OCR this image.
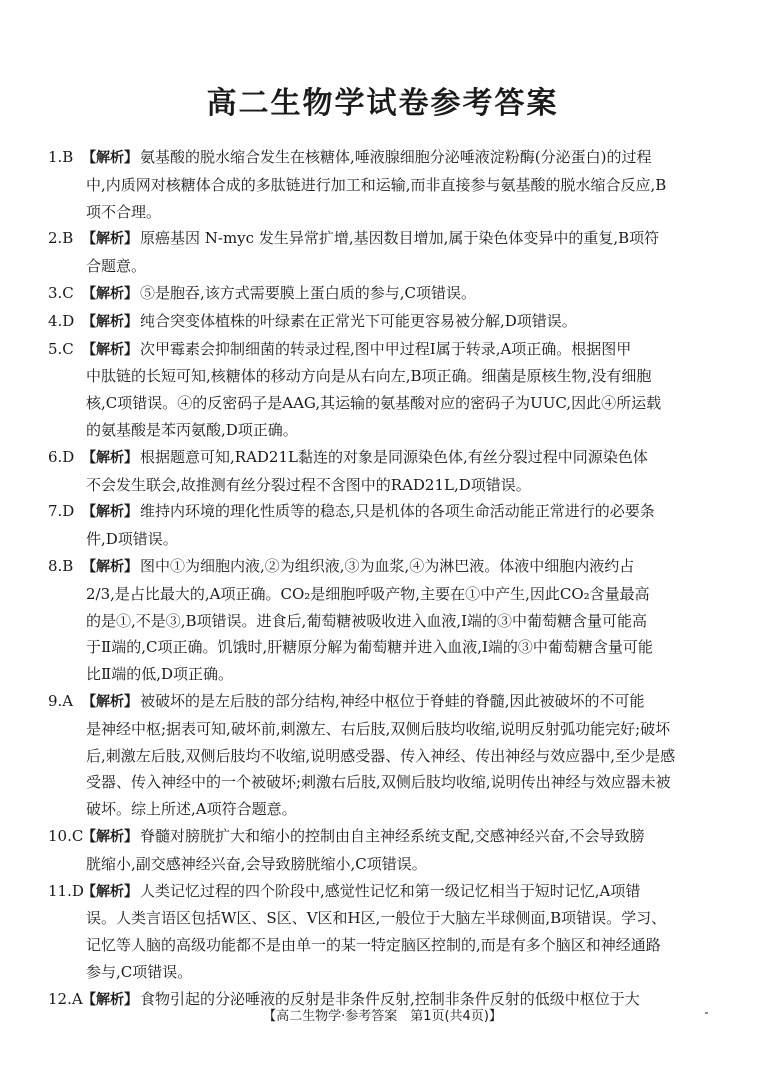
高二生物学试卷参考答案
1.B 【解析】 氨基酸的脱水缩合发生在核糖体,唾液腺细胞分泌唾液淀粉酶(分泌蛋白)的过程
中,内质网对核糖体合成的多肽链进行加工和运输,而非直接参与氨基酸的脱水缩合反应,B
项不合理。
2.B 【解析】 原癌基因 N-myc 发生异常扩增,基因数目增加,属于染色体变异中的重复,B项符
合题意。
3.C 【解析】 ⑤是胞吞,该方式需要膜上蛋白质的参与,C项错误。
4.D 【解析】 纯合突变体植株的叶绿素在正常光下可能更容易被分解,D项错误。
5.C 【解析】 次甲霉素会抑制细菌的转录过程,图中甲过程Ⅰ属于转录,A项正确。根据图甲
中肽链的长短可知,核糖体的移动方向是从右向左,B项正确。细菌是原核生物,没有细胞
核,C项错误。④的反密码子是AAG,其运输的氨基酸对应的密码子为UUC,因此④所运载
的氨基酸是苯丙氨酸,D项正确。
6.D 【解析】 根据题意可知,RAD21L黏连的对象是同源染色体,有丝分裂过程中同源染色体
不会发生联会,故推测有丝分裂过程不含图中的RAD21L,D项错误。
7.D 【解析】 维持内环境的理化性质等的稳态,只是机体的各项生命活动能正常进行的必要条
件,D项错误。
8.B 【解析】 图中①为细胞内液,②为组织液,③为血浆,④为淋巴液。体液中细胞内液约占
2/3,是占比最大的,A项正确。CO₂是细胞呼吸产物,主要在①中产生,因此CO₂含量最高
的是①,不是③,B项错误。进食后,葡萄糖被吸收进入血液,Ⅰ端的③中葡萄糖含量可能高
于Ⅱ端的,C项正确。饥饿时,肝糖原分解为葡萄糖并进入血液,Ⅰ端的③中葡萄糖含量可能
比Ⅱ端的低,D项正确。
9.A 【解析】 被破坏的是左后肢的部分结构,神经中枢位于脊蛙的脊髓,因此被破坏的不可能
是神经中枢;据表可知,破坏前,刺激左、右后肢,双侧后肢均收缩,说明反射弧功能完好;破坏
后,刺激左后肢,双侧后肢均不收缩,说明感受器、传入神经、传出神经与效应器中,至少是感
受器、传入神经中的一个被破坏;刺激右后肢,双侧后肢均收缩,说明传出神经与效应器未被
破坏。综上所述,A项符合题意。
10.C【解析】 脊髓对膀胱扩大和缩小的控制由自主神经系统支配,交感神经兴奋,不会导致膀
胱缩小,副交感神经兴奋,会导致膀胱缩小,C项错误。
11.D【解析】 人类记忆过程的四个阶段中,感觉性记忆和第一级记忆相当于短时记忆,A项错
误。人类言语区包括W区、S区、V区和H区,一般位于大脑左半球侧面,B项错误。学习、
记忆等人脑的高级功能都不是由单一的某一特定脑区控制的,而是有多个脑区和神经通路
参与,C项错误。
12.A【解析】 食物引起的分泌唾液的反射是非条件反射,控制非条件反射的低级中枢位于大
【高二生物学·参考答案　第1页(共4页)】
